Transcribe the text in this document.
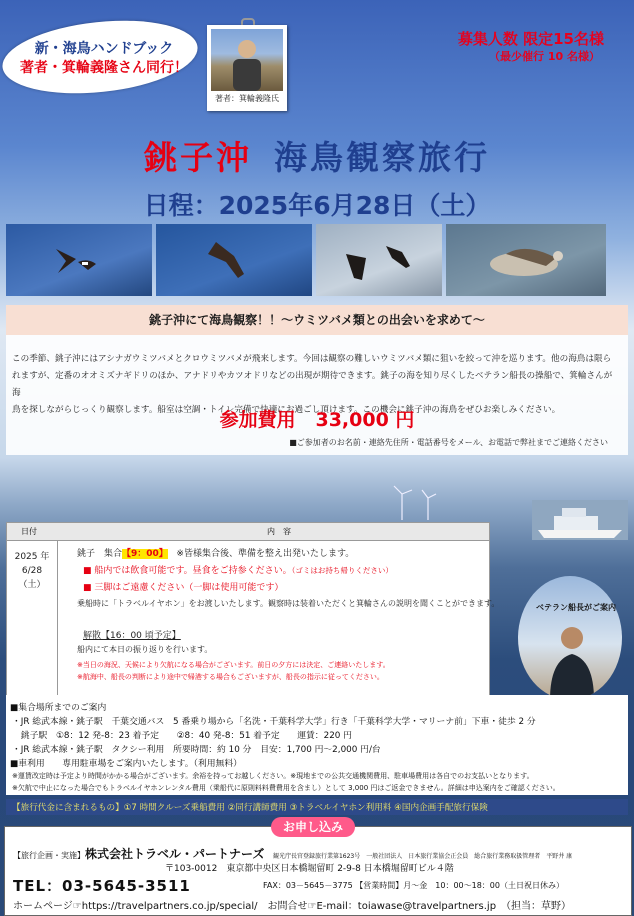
新・海鳥ハンドブック
著者・箕輪義隆さん同行！
著者：箕輪義隆氏
募集人数 限定15名様
（最少催行 10 名様）
銚子沖 海鳥観察旅行
日程：2025年6月28日（土）
銚子沖にて海鳥観察！！～ウミツバメ類との出会いを求めて～
この季節、銚子沖にはアシナガウミツバメとクロウミツバメが飛来します。今回は観察の難しいウミツバメ類に狙いを絞って沖を巡ります。他の海鳥は限ら
れますが、定番のオオミズナギドリのほか、アナドリやカツオドリなどの出現が期待できます。銚子の海を知り尽くしたベテラン船長の操船で、箕輪さんが海
鳥を探しながらじっくり観察します。船室は空調・トイレ完備で快適にお過ごし頂けます。この機会に銚子沖の海鳥をぜひお楽しみください。
参加費用 33,000 円
■ご参加者のお名前・連絡先住所・電話番号をメール、お電話で弊社までご連絡ください
日付	内　容
2025 年
6/28
（土）
銚子　集合【9：00】 ※皆様集合後、準備を整え出発いたします。
■ 船内では飲食可能です。昼食をご持参ください。（ゴミはお持ち帰りください）
■ 三脚はご遠慮ください（一脚は使用可能です）
乗船時に「トラベルイヤホン」をお渡しいたします。観察時は装着いただくと箕輪さんの説明を聞くことができます。
解散【16：00 頃予定】
船内にて本日の振り返りを行います。
※当日の海況、天候により欠航になる場合がございます。前日の夕方には決定、ご連絡いたします。
※航海中、船長の判断により途中で帰港する場合もございますが、船長の指示に従ってください。
ベテラン船長がご案内
■集合場所までのご案内
・JR 総武本線・銚子駅　千葉交通バス　5 番乗り場から「名洗・千葉科学大学」行き「千葉科学大学・マリーナ前」下車・徒歩 2 分
　銚子駅　①8：12 発-8：23 着予定　　②8：40 発-8：51 着予定　　運賃：220 円
・JR 総武本線・銚子駅　タクシー利用　所要時間：約 10 分　目安：1,700 円～2,000 円/台
■車利用　　専用駐車場をご案内いたします。（利用無料）
※運賃改定時は予定より時間がかかる場合がございます。余裕を持ってお越しください。※現地までの公共交通機関費用、駐車場費用は各自でのお支払いとなります。
※欠航で中止になった場合でもトラベルイヤホンレンタル費用（乗船代に原則料料費費用を含まし）として 3,000 円はご返金できません。詳細は申込案内をご確認ください。
【旅行代金に含まれるもの】①7 時間クルーズ乗船費用 ②同行講師費用 ③トラベルイヤホン利用料 ④国内企画手配旅行保険
【旅行企画・実施】株式会社トラベル・パートナーズ 観光庁長官登録旅行業第1623号　一般社団法人　日本旅行業協会正会員　総合旅行業務取扱管理者　平野井 康
〒103-0012　東京都中央区日本橋堀留町 2-9-8 日本橋堀留町ビル４階
TEL：03-5645-3511	FAX：03－5645－3775 【営業時間】月～金　10：00～18：00（土日祝日休み）
ホームページ☞https://travelpartners.co.jp/special/　お問合せ☞E-mail：toiawase@travelpartners.jp　（担当：草野）
お申し込み
